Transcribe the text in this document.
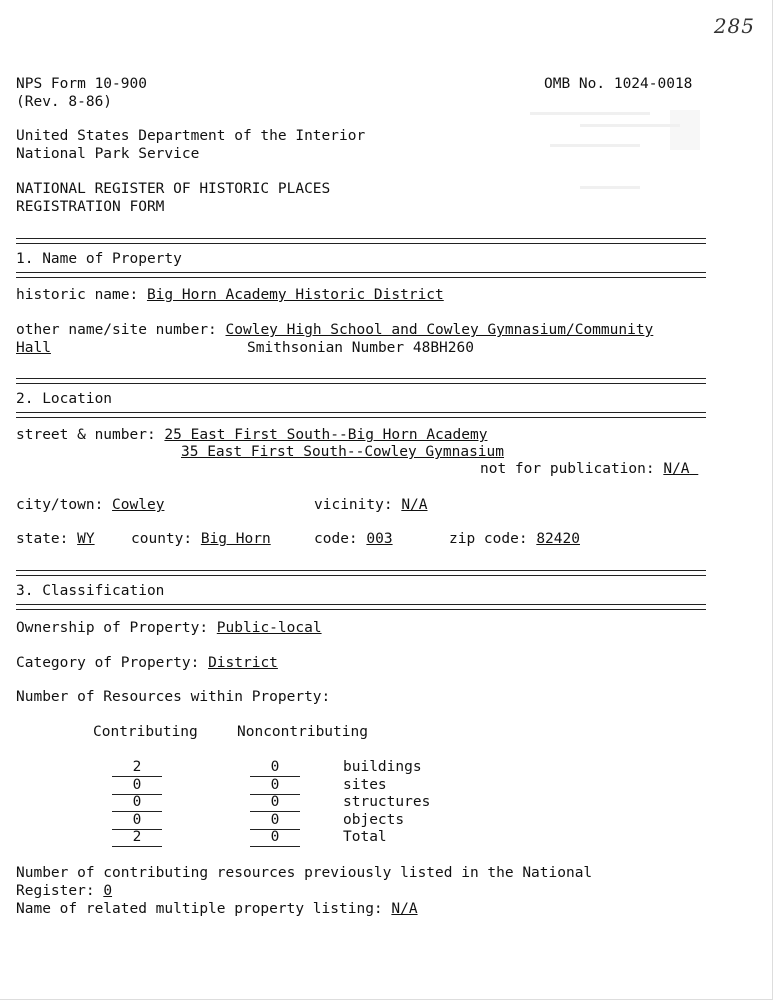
285
NPS Form 10-900	OMB No. 1024-0018
(Rev. 8-86)
United States Department of the Interior
National Park Service
NATIONAL REGISTER OF HISTORIC PLACES
REGISTRATION FORM
1. Name of Property
historic name: Big Horn Academy Historic District
other name/site number: Cowley High School and Cowley Gymnasium/Community
Hall	Smithsonian Number 48BH260
2. Location
street & number: 25 East First South--Big Horn Academy
35 East First South--Cowley Gymnasium
not for publication: N/A
city/town: Cowley	vicinity: N/A
state: WY	county: Big Horn	code: 003	zip code: 82420
3. Classification
Ownership of Property: Public-local
Category of Property: District
Number of Resources within Property:
Contributing	Noncontributing
2	0	buildings
0	0	sites
0	0	structures
0	0	objects
2	0	Total
Number of contributing resources previously listed in the National
Register: 0
Name of related multiple property listing: N/A
